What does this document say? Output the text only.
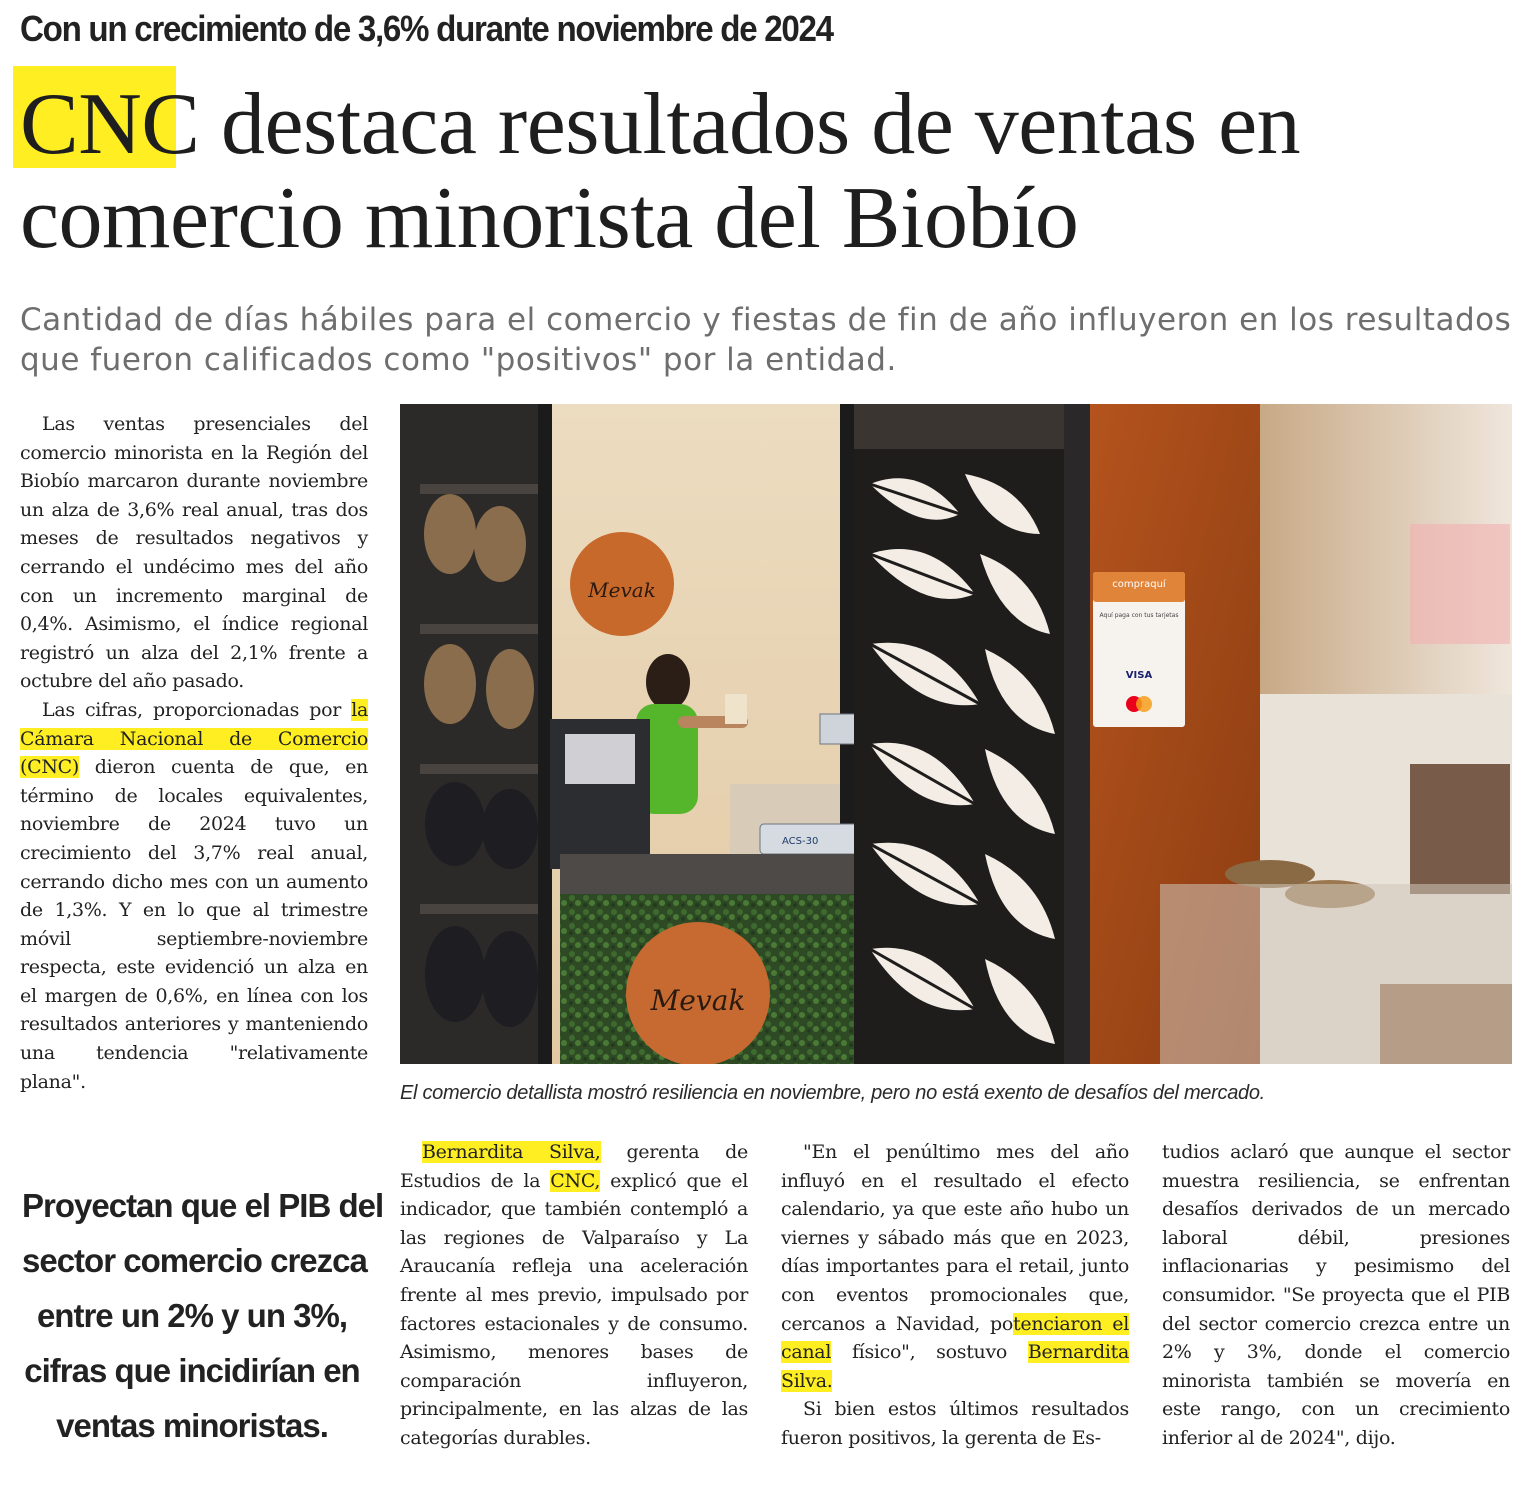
Con un crecimiento de 3,6% durante noviembre de 2024
CNC destaca resultados de ventas en
comercio minorista del Biobío
Cantidad de días hábiles para el comercio y fiestas de fin de año influyeron en los resultados
que fueron calificados como "positivos" por la entidad.

Las ventas presenciales del comercio minorista en la Región del Biobío marcaron durante noviembre un alza de 3,6% real anual, tras dos meses de resultados negativos y cerrando el undécimo mes del año con un incremento marginal de 0,4%. Asimismo, el índice regional registró un alza del 2,1% frente a octubre del año pasado.

Las cifras, proporcionadas por la Cámara Nacional de Comercio (CNC) dieron cuenta de que, en término de locales equivalentes, noviembre de 2024 tuvo un crecimiento del 3,7% real anual, cerrando dicho mes con un aumento de 1,3%. Y en lo que al trimestre móvil septiembre-noviembre respecta, este evidenció un alza en el margen de 0,6%, en línea con los resultados anteriores y manteniendo una tendencia "relativamente plana".

Mevak
ACS-30
Mevak
compraquí
Aquí paga con tus tarjetas
VISA
El comercio detallista mostró resiliencia en noviembre, pero no está exento de desafíos del mercado.
Proyectan que el PIB del
sector comercio crezca
entre un 2% y un 3%,
cifras que incidirían en
ventas minoristas.

Bernardita Silva, gerenta de Estudios de la CNC, explicó que el indicador, que también contempló a las regiones de Valparaíso y La Araucanía refleja una aceleración frente al mes previo, impulsado por factores estacionales y de consumo. Asimismo, menores bases de comparación influyeron, principalmente, en las alzas de las categorías durables.

"En el penúltimo mes del año influyó en el resultado el efecto calendario, ya que este año hubo un viernes y sábado más que en 2023, días importantes para el retail, junto con eventos promocionales que, cercanos a Navidad, potenciaron el canal físico", sostuvo Bernardita Silva.

Si bien estos últimos resultados fueron positivos, la gerenta de Es-

tudios aclaró que aunque el sector muestra resiliencia, se enfrentan desafíos derivados de un mercado laboral débil, presiones inflacionarias y pesimismo del consumidor. "Se proyecta que el PIB del sector comercio crezca entre un 2% y 3%, donde el comercio minorista también se movería en este rango, con un crecimiento inferior al de 2024", dijo.
